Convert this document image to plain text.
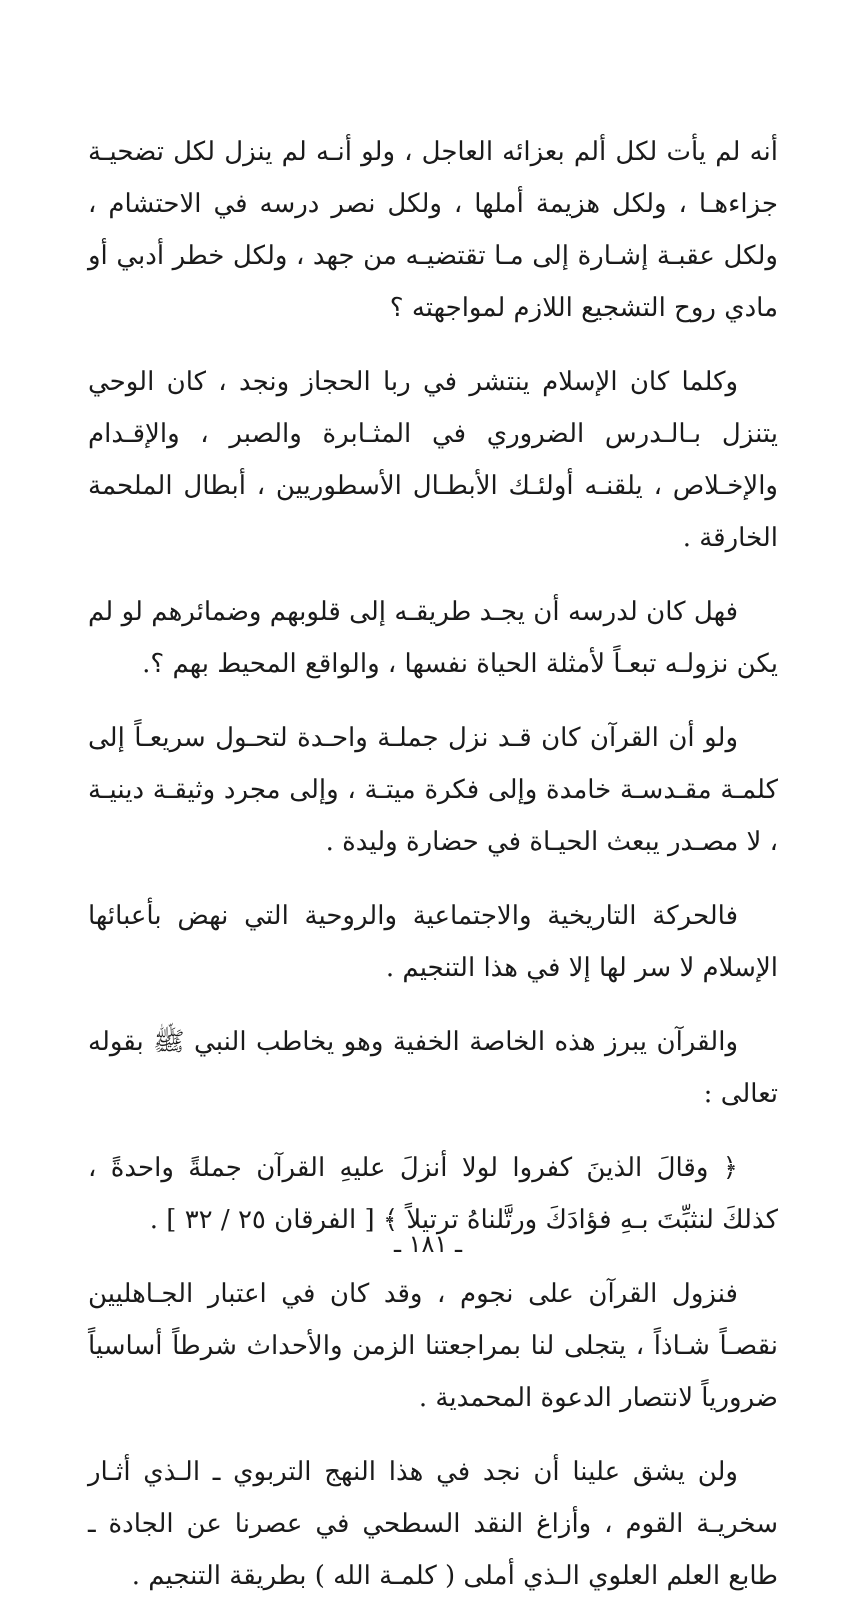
أنه لم يأت لكل ألم بعزائه العاجل ، ولو أنـه لم ينزل لكل تضحيـة جزاءهـا ، ولكل هزيمة أملها ، ولكل نصر درسه في الاحتشام ، ولكل عقبـة إشـارة إلى مـا تقتضيـه من جهد ، ولكل خطر أدبي أو مادي روح التشجيع اللازم لمواجهته ؟

وكلما كان الإسلام ينتشر في ربا الحجاز ونجد ، كان الوحي يتنزل بـالـدرس الضروري في المثـابرة والصبر ، والإقـدام والإخـلاص ، يلقنـه أولئـك الأبطـال الأسطوريين ، أبطال الملحمة الخارقة .

فهل كان لدرسه أن يجـد طريقـه إلى قلوبهم وضمائرهم لو لم يكن نزولـه تبعـاً لأمثلة الحياة نفسها ، والواقع المحيط بهم ؟.

ولو أن القرآن كان قـد نزل جملـة واحـدة لتحـول سريعـاً إلى كلمـة مقـدسـة خامدة وإلى فكرة ميتـة ، وإلى مجرد وثيقـة دينيـة ، لا مصـدر يبعث الحيـاة في حضارة وليدة .

فالحركة التاريخية والاجتماعية والروحية التي نهض بأعبائها الإسلام لا سر لها إلا في هذا التنجيم .

والقرآن يبرز هذه الخاصة الخفية وهو يخاطب النبي ﷺ بقوله تعالى :

﴿ وقالَ الذينَ كفروا لولا أنزلَ عليهِ القرآن جملةً واحدةً ، كذلكَ لنثبِّتَ بـهِ فؤادَكَ ورتَّلناهُ ترتيلاً ﴾ [ الفرقان ٢٥ / ٣٢ ] .

فنزول القرآن على نجوم ، وقد كان في اعتبار الجـاهليين نقصـاً شـاذاً ، يتجلى لنا بمراجعتنا الزمن والأحداث شرطاً أساسياً ضرورياً لانتصار الدعوة المحمدية .

ولن يشق علينا أن نجد في هذا النهج التربوي ـ الـذي أثـار سخريـة القوم ، وأزاغ النقد السطحي في عصرنا عن الجادة ـ طابع العلم العلوي الـذي أملى ( كلمـة الله ) بطريقة التنجيم .

ـ ١٨١ ـ
